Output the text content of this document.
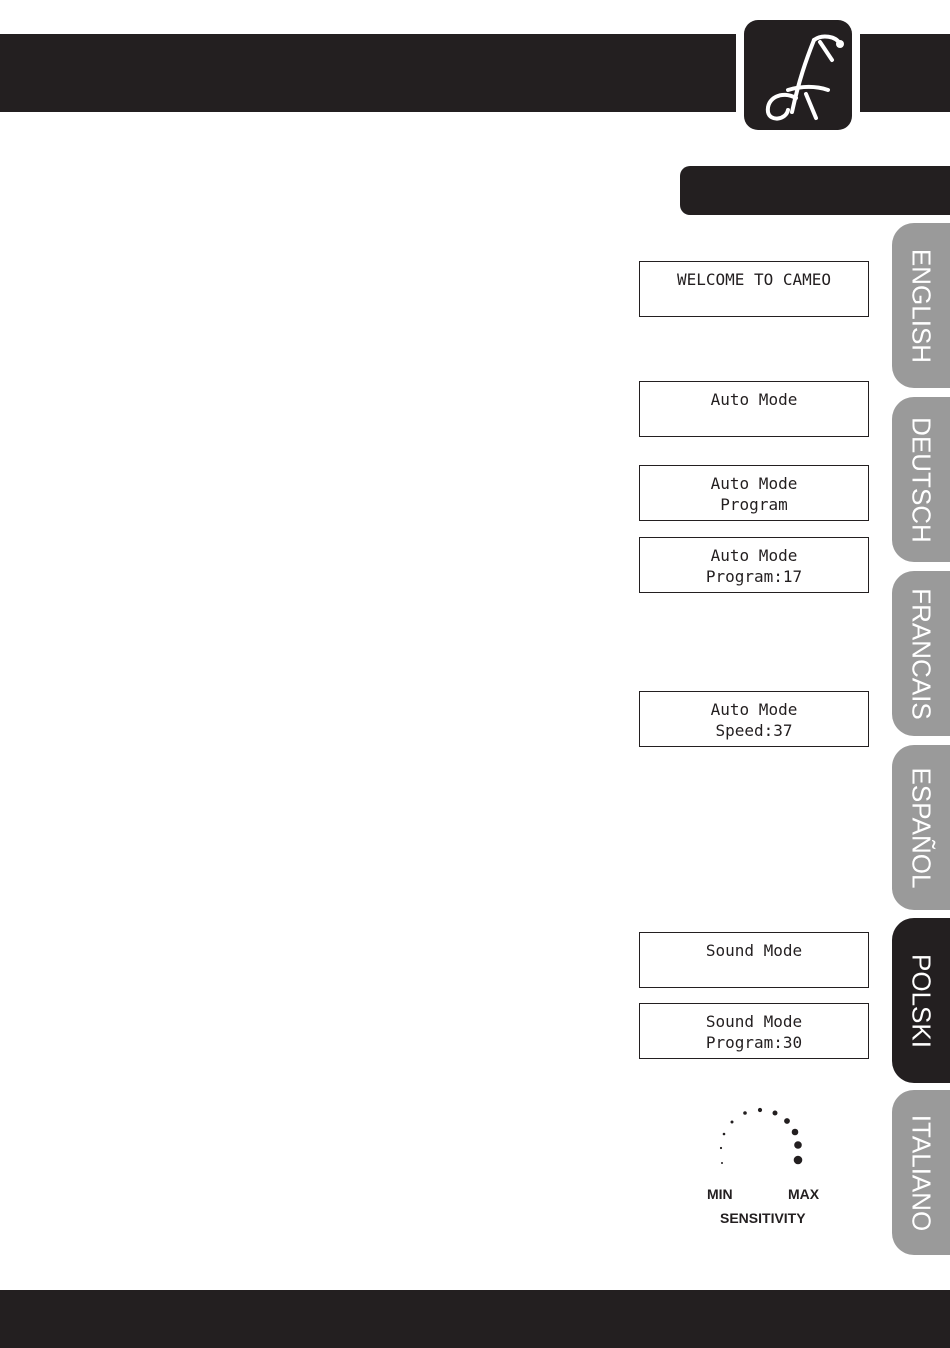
WELCOME TO CAMEO
Auto Mode
Auto Mode
Program
Auto Mode
Program:17
Auto Mode
Speed:37
Sound Mode
Sound Mode
Program:30
ENGLISH
DEUTSCH
FRANCAIS
ESPAÑOL
POLSKI
ITALIANO
MIN	MAX
SENSITIVITY
